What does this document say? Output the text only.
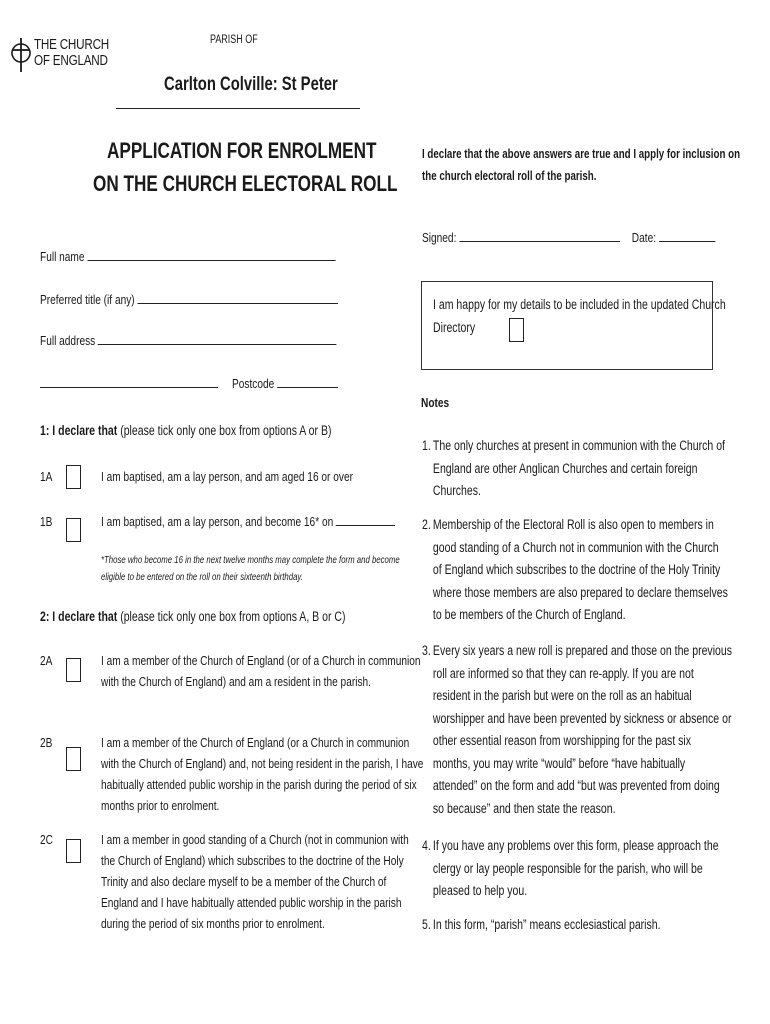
THE CHURCH
OF ENGLAND
PARISH OF
Carlton Colville: St Peter
APPLICATION FOR ENROLMENT
ON THE CHURCH ELECTORAL ROLL
Full name
Preferred title (if any)
Full address
Postcode
1: I declare that (please tick only one box from options A or B)
1A	I am baptised, am a lay person, and am aged 16 or over
1B	I am baptised, am a lay person, and become 16* on
*Those who become 16 in the next twelve months may complete the form and become
eligible to be entered on the roll on their sixteenth birthday.
2: I declare that (please tick only one box from options A, B or C)
2A	I am a member of the Church of England (or of a Church in communion
with the Church of England) and am a resident in the parish.
2B	I am a member of the Church of England (or a Church in communion
with the Church of England) and, not being resident in the parish, I have
habitually attended public worship in the parish during the period of six
months prior to enrolment.
2C	I am a member in good standing of a Church (not in communion with
the Church of England) which subscribes to the doctrine of the Holy
Trinity and also declare myself to be a member of the Church of
England and I have habitually attended public worship in the parish
during the period of six months prior to enrolment.
I declare that the above answers are true and I apply for inclusion on
the church electoral roll of the parish.
Signed:	Date:
I am happy for my details to be included in the updated Church
Directory
Notes
1. The only churches at present in communion with the Church of
England are other Anglican Churches and certain foreign
Churches.
2. Membership of the Electoral Roll is also open to members in
good standing of a Church not in communion with the Church
of England which subscribes to the doctrine of the Holy Trinity
where those members are also prepared to declare themselves
to be members of the Church of England.
3. Every six years a new roll is prepared and those on the previous
roll are informed so that they can re-apply. If you are not
resident in the parish but were on the roll as an habitual
worshipper and have been prevented by sickness or absence or
other essential reason from worshipping for the past six
months, you may write “would” before “have habitually
attended” on the form and add “but was prevented from doing
so because” and then state the reason.
4. If you have any problems over this form, please approach the
clergy or lay people responsible for the parish, who will be
pleased to help you.
5. In this form, “parish” means ecclesiastical parish.
